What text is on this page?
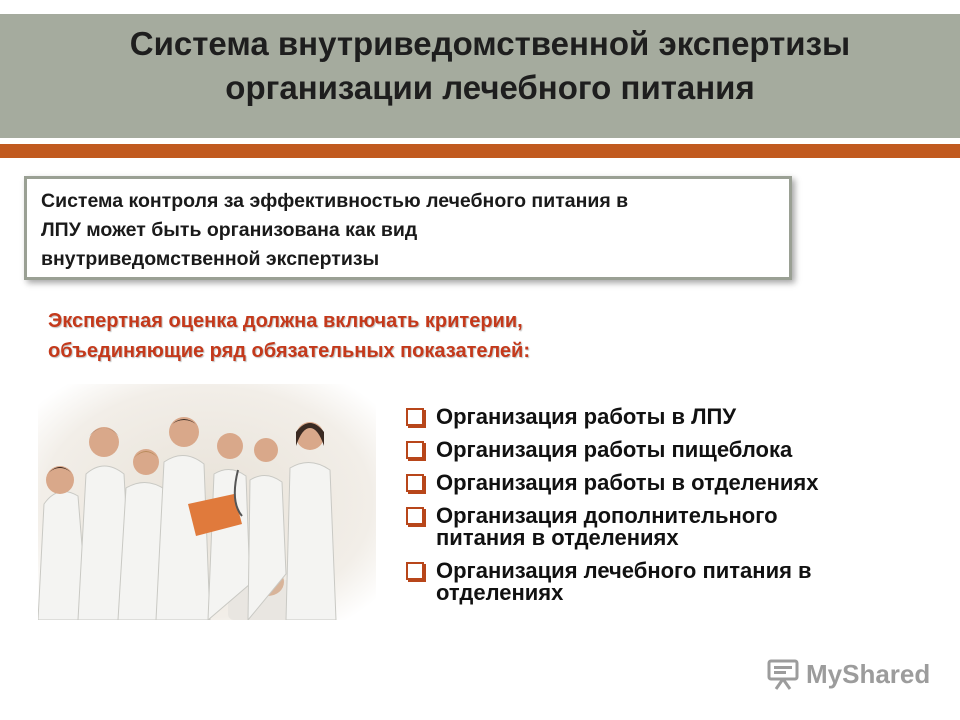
Система внутриведомственной экспертизы
организации лечебного питания
Система контроля за эффективностью лечебного питания в
ЛПУ может быть организована как вид
внутриведомственной экспертизы
Экспертная оценка должна включать критерии,
объединяющие ряд обязательных показателей:
Организация работы в ЛПУ
Организация работы пищеблока
Организация работы в отделениях
Организация дополнительного
питания в отделениях
Организация лечебного питания в
отделениях
MyShared
